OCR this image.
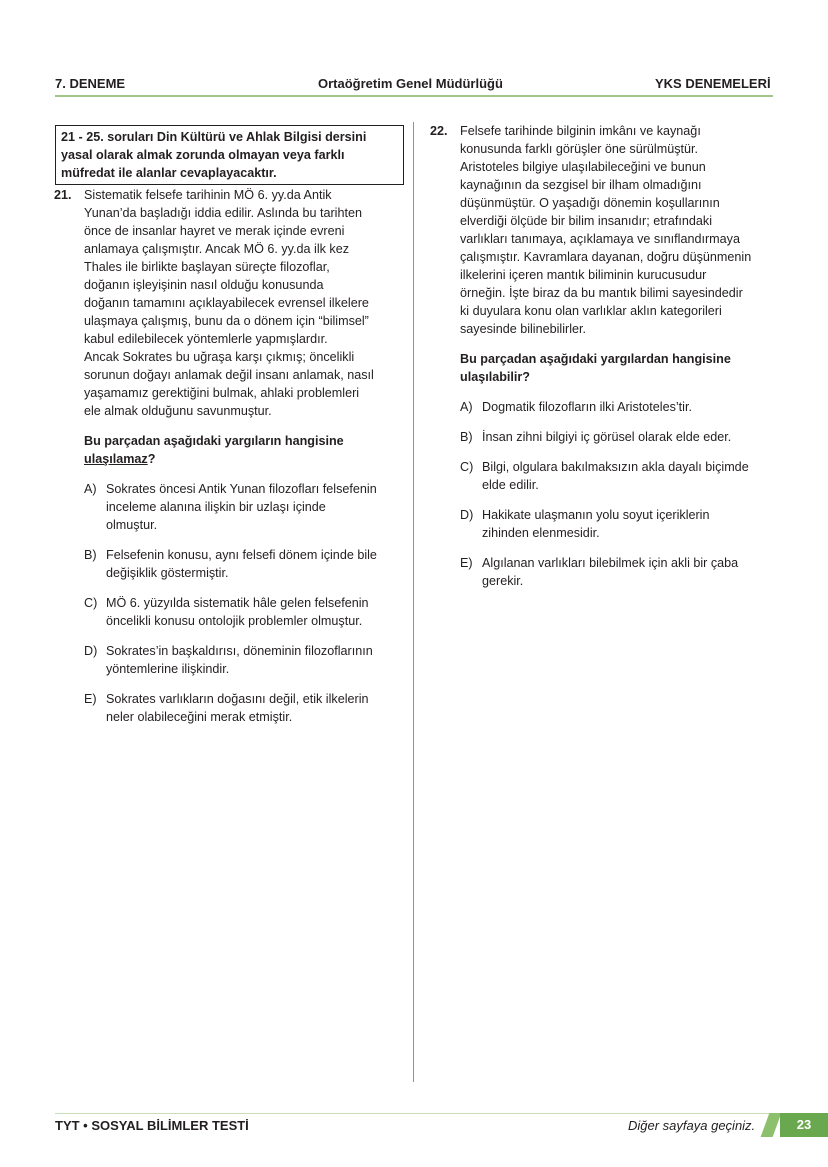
7. DENEME	Ortaöğretim Genel Müdürlüğü	YKS DENEMELERİ
21 - 25. soruları Din Kültürü ve Ahlak Bilgisi dersini
yasal olarak almak zorunda olmayan veya farklı
müfredat ile alanlar cevaplayacaktır.
21. Sistematik felsefe tarihinin MÖ 6. yy.da Antik
Yunan’da başladığı iddia edilir. Aslında bu tarihten
önce de insanlar hayret ve merak içinde evreni
anlamaya çalışmıştır. Ancak MÖ 6. yy.da ilk kez
Thales ile birlikte başlayan süreçte filozoflar,
doğanın işleyişinin nasıl olduğu konusunda
doğanın tamamını açıklayabilecek evrensel ilkelere
ulaşmaya çalışmış, bunu da o dönem için “bilimsel”
kabul edilebilecek yöntemlerle yapmışlardır.
Ancak Sokrates bu uğraşa karşı çıkmış; öncelikli
sorunun doğayı anlamak değil insanı anlamak, nasıl
yaşamamız gerektiğini bulmak, ahlaki problemleri
ele almak olduğunu savunmuştur.
Bu parçadan aşağıdaki yargıların hangisine
ulaşılamaz?
A) Sokrates öncesi Antik Yunan filozofları felsefenin
inceleme alanına ilişkin bir uzlaşı içinde
olmuştur.
B) Felsefenin konusu, aynı felsefi dönem içinde bile
değişiklik göstermiştir.
C) MÖ 6. yüzyılda sistematik hâle gelen felsefenin
öncelikli konusu ontolojik problemler olmuştur.
D) Sokrates’in başkaldırısı, döneminin filozoflarının
yöntemlerine ilişkindir.
E) Sokrates varlıkların doğasını değil, etik ilkelerin
neler olabileceğini merak etmiştir.
22. Felsefe tarihinde bilginin imkânı ve kaynağı
konusunda farklı görüşler öne sürülmüştür.
Aristoteles bilgiye ulaşılabileceğini ve bunun
kaynağının da sezgisel bir ilham olmadığını
düşünmüştür. O yaşadığı dönemin koşullarının
elverdiği ölçüde bir bilim insanıdır; etrafındaki
varlıkları tanımaya, açıklamaya ve sınıflandırmaya
çalışmıştır. Kavramlara dayanan, doğru düşünmenin
ilkelerini içeren mantık biliminin kurucusudur
örneğin. İşte biraz da bu mantık bilimi sayesindedir
ki duyulara konu olan varlıklar aklın kategorileri
sayesinde bilinebilirler.
Bu parçadan aşağıdaki yargılardan hangisine
ulaşılabilir?
A) Dogmatik filozofların ilki Aristoteles’tir.
B) İnsan zihni bilgiyi iç görüsel olarak elde eder.
C) Bilgi, olgulara bakılmaksızın akla dayalı biçimde
elde edilir.
D) Hakikate ulaşmanın yolu soyut içeriklerin
zihinden elenmesidir.
E) Algılanan varlıkları bilebilmek için akli bir çaba
gerekir.
TYT • SOSYAL BİLİMLER TESTİ	Diğer sayfaya geçiniz.	23
